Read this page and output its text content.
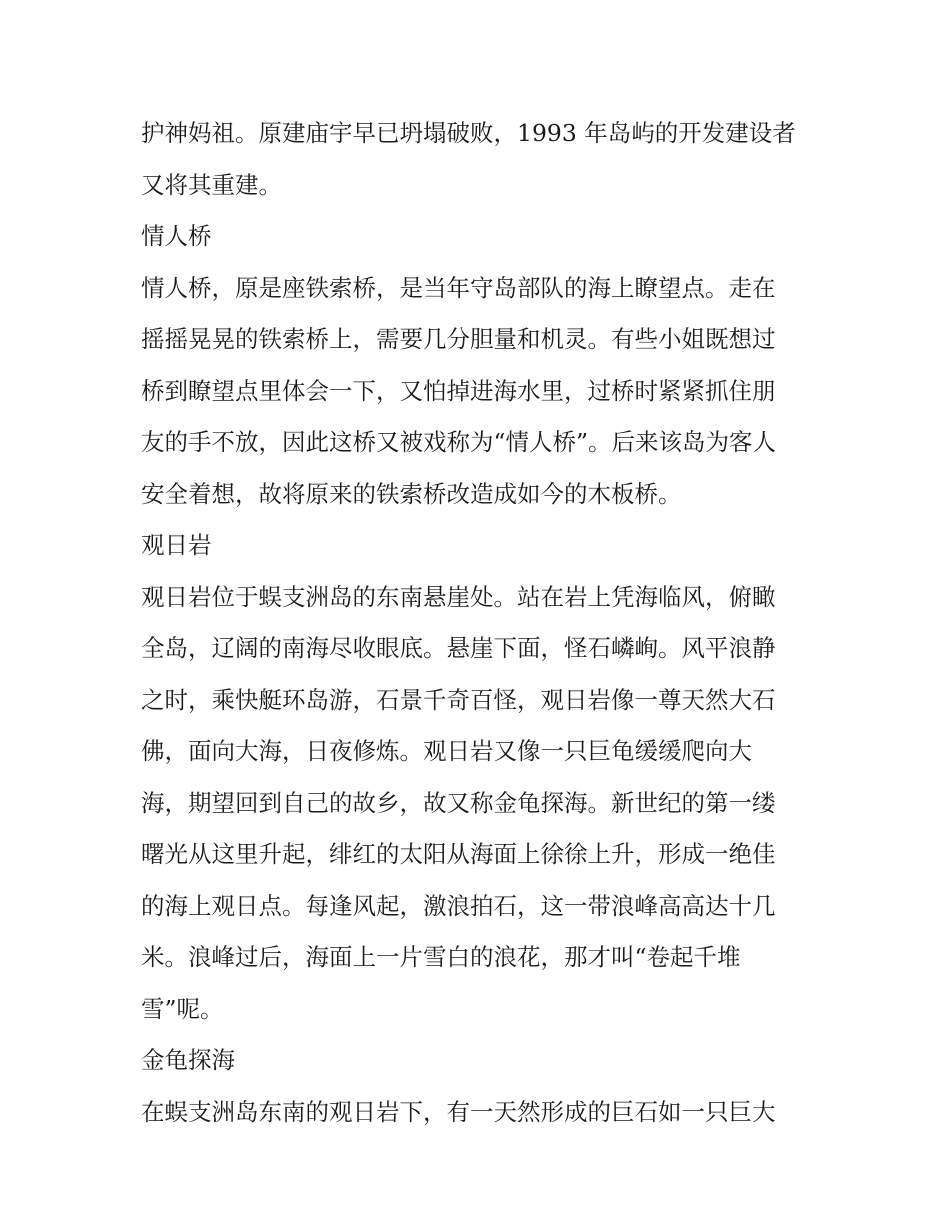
护神妈祖。原建庙宇早已坍塌破败，1993 年岛屿的开发建设者
又将其重建。
情人桥
情人桥，原是座铁索桥，是当年守岛部队的海上瞭望点。走在
摇摇晃晃的铁索桥上，需要几分胆量和机灵。有些小姐既想过
桥到瞭望点里体会一下，又怕掉进海水里，过桥时紧紧抓住朋
友的手不放，因此这桥又被戏称为“情人桥”。后来该岛为客人
安全着想，故将原来的铁索桥改造成如今的木板桥。
观日岩
观日岩位于蜈支洲岛的东南悬崖处。站在岩上凭海临风，俯瞰
全岛，辽阔的南海尽收眼底。悬崖下面，怪石嶙峋。风平浪静
之时，乘快艇环岛游，石景千奇百怪，观日岩像一尊天然大石
佛，面向大海，日夜修炼。观日岩又像一只巨龟缓缓爬向大
海，期望回到自己的故乡，故又称金龟探海。新世纪的第一缕
曙光从这里升起，绯红的太阳从海面上徐徐上升，形成一绝佳
的海上观日点。每逢风起，激浪拍石，这一带浪峰高高达十几
米。浪峰过后，海面上一片雪白的浪花，那才叫“卷起千堆
雪”呢。
金龟探海
在蜈支洲岛东南的观日岩下，有一天然形成的巨石如一只巨大
